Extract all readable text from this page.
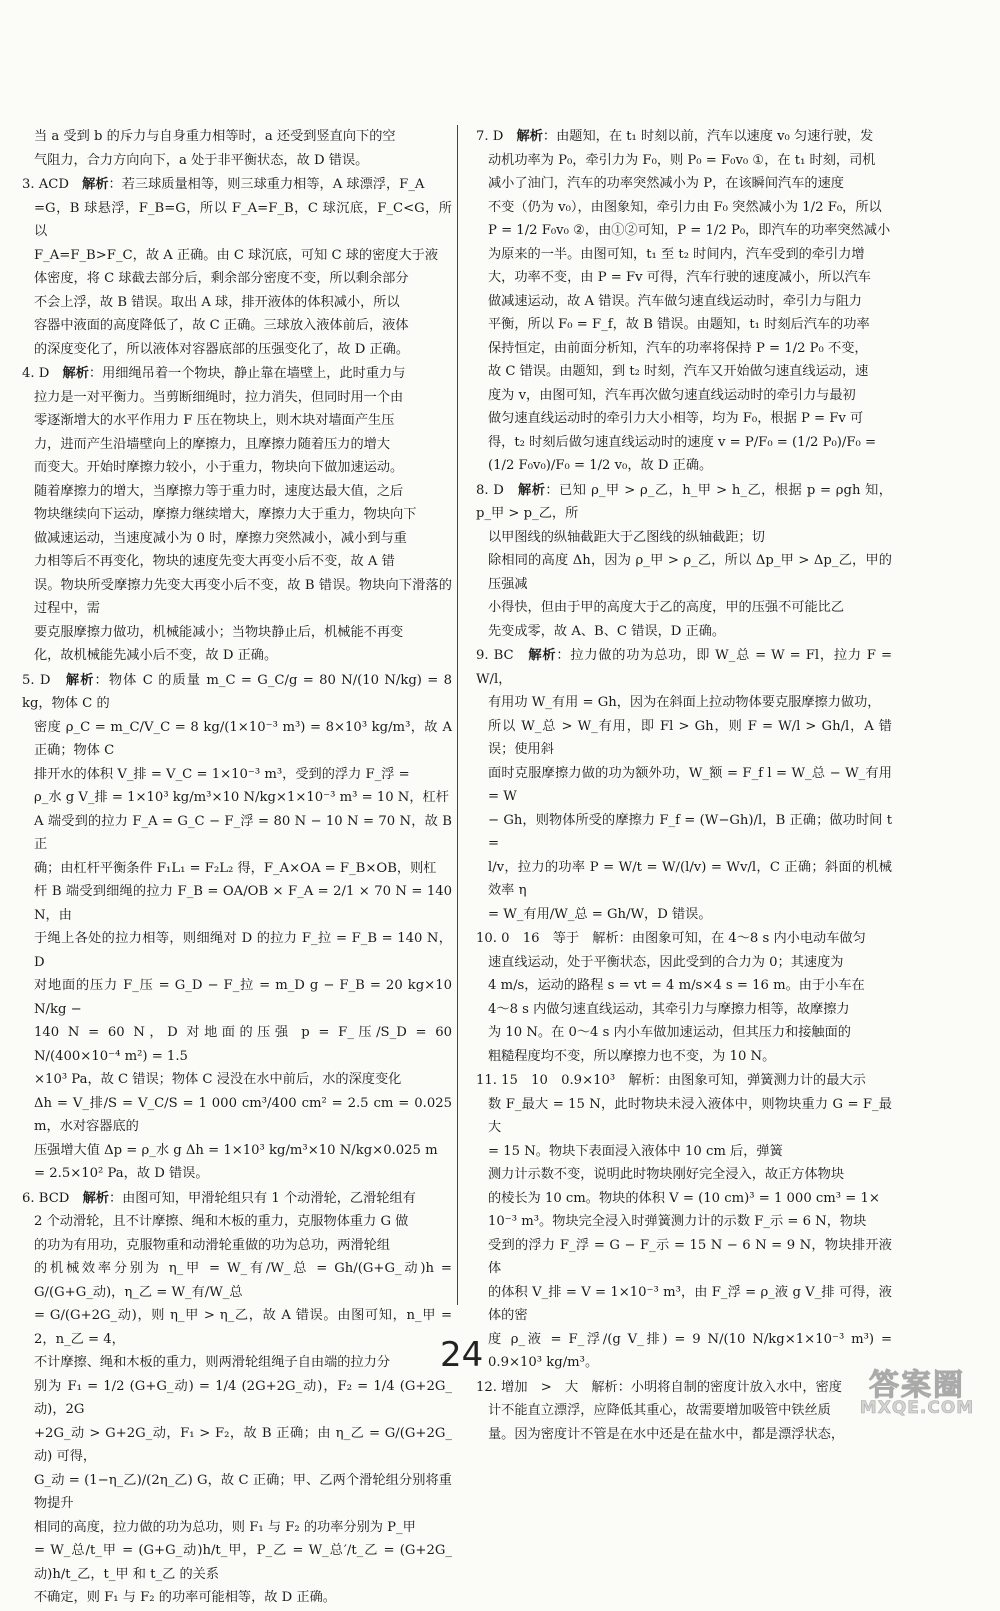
当 a 受到 b 的斥力与自身重力相等时，a 还受到竖直向下的空

气阻力，合力方向向下，a 处于非平衡状态，故 D 错误。

3. ACD　 解析：若三球质量相等，则三球重力相等，A 球漂浮，F_A

=G，B 球悬浮，F_B=G，所以 F_A=F_B，C 球沉底，F_C<G，所以

F_A=F_B>F_C，故 A 正确。由 C 球沉底，可知 C 球的密度大于液

体密度，将 C 球截去部分后，剩余部分密度不变，所以剩余部分

不会上浮，故 B 错误。取出 A 球，排开液体的体积减小，所以

容器中液面的高度降低了，故 C 正确。三球放入液体前后，液体

的深度变化了，所以液体对容器底部的压强变化了，故 D 正确。

4. D　 解析：用细绳吊着一个物块，静止靠在墙壁上，此时重力与

拉力是一对平衡力。当剪断细绳时，拉力消失，但同时用一个由

零逐渐增大的水平作用力 F 压在物块上，则木块对墙面产生压

力，进而产生沿墙壁向上的摩擦力，且摩擦力随着压力的增大

而变大。开始时摩擦力较小，小于重力，物块向下做加速运动。

随着摩擦力的增大，当摩擦力等于重力时，速度达最大值，之后

物块继续向下运动，摩擦力继续增大，摩擦力大于重力，物块向下

做减速运动，当速度减小为 0 时，摩擦力突然减小，减小到与重

力相等后不再变化，物块的速度先变大再变小后不变，故 A 错

误。物块所受摩擦力先变大再变小后不变，故 B 错误。物块向下滑落的过程中，需

要克服摩擦力做功，机械能减小；当物块静止后，机械能不再变

化，故机械能先减小后不变，故 D 正确。

5. D　 解析：物体 C 的质量 m_C = G_C/g = 80 N/(10 N/kg) = 8 kg，物体 C 的

密度 ρ_C = m_C/V_C = 8 kg/(1×10⁻³ m³) = 8×10³ kg/m³，故 A 正确；物体 C

排开水的体积 V_排 = V_C = 1×10⁻³ m³，受到的浮力 F_浮 =

ρ_水 g V_排 = 1×10³ kg/m³×10 N/kg×1×10⁻³ m³ = 10 N，杠杆

A 端受到的拉力 F_A = G_C − F_浮 = 80 N − 10 N = 70 N，故 B 正

确；由杠杆平衡条件 F₁L₁ = F₂L₂ 得，F_A×OA = F_B×OB，则杠

杆 B 端受到细绳的拉力 F_B = OA/OB × F_A = 2/1 × 70 N = 140 N，由

于绳上各处的拉力相等，则细绳对 D 的拉力 F_拉 = F_B = 140 N，D

对地面的压力 F_压 = G_D − F_拉 = m_D g − F_B = 20 kg×10 N/kg −

140 N = 60 N，D 对地面的压强 p = F_压/S_D = 60 N/(400×10⁻⁴ m²) = 1.5

×10³ Pa，故 C 错误；物体 C 浸没在水中前后，水的深度变化

Δh = V_排/S = V_C/S = 1 000 cm³/400 cm² = 2.5 cm = 0.025 m，水对容器底的

压强增大值 Δp = ρ_水 g Δh = 1×10³ kg/m³×10 N/kg×0.025 m

= 2.5×10² Pa，故 D 错误。

6. BCD　 解析：由图可知，甲滑轮组只有 1 个动滑轮，乙滑轮组有

2 个动滑轮，且不计摩擦、绳和木板的重力，克服物体重力 G 做

的功为有用功，克服物重和动滑轮重做的功为总功，两滑轮组

的机械效率分别为 η_甲 = W_有/W_总 = Gh/(G+G_动)h = G/(G+G_动)，η_乙 = W_有/W_总

= G/(G+2G_动)，则 η_甲 > η_乙，故 A 错误。由图可知，n_甲 = 2，n_乙 = 4，

不计摩擦、绳和木板的重力，则两滑轮组绳子自由端的拉力分

别为 F₁ = 1/2 (G+G_动) = 1/4 (2G+2G_动)，F₂ = 1/4 (G+2G_动)，2G

+2G_动 > G+2G_动，F₁ > F₂，故 B 正确；由 η_乙 = G/(G+2G_动) 可得，

G_动 = (1−η_乙)/(2η_乙) G，故 C 正确；甲、乙两个滑轮组分别将重物提升

相同的高度，拉力做的功为总功，则 F₁ 与 F₂ 的功率分别为 P_甲

= W_总/t_甲 = (G+G_动)h/t_甲，P_乙 = W_总′/t_乙 = (G+2G_动)h/t_乙，t_甲 和 t_乙 的关系

不确定，则 F₁ 与 F₂ 的功率可能相等，故 D 正确。

7. D　 解析：由题知，在 t₁ 时刻以前，汽车以速度 v₀ 匀速行驶，发

动机功率为 P₀，牵引力为 F₀，则 P₀ = F₀v₀ ①，在 t₁ 时刻，司机

减小了油门，汽车的功率突然减小为 P，在该瞬间汽车的速度

不变（仍为 v₀），由图象知，牵引力由 F₀ 突然减小为 1/2 F₀，所以

P = 1/2 F₀v₀ ②，由①②可知，P = 1/2 P₀，即汽车的功率突然减小

为原来的一半。由图可知，t₁ 至 t₂ 时间内，汽车受到的牵引力增

大，功率不变，由 P = Fv 可得，汽车行驶的速度减小，所以汽车

做减速运动，故 A 错误。汽车做匀速直线运动时，牵引力与阻力

平衡，所以 F₀ = F_f，故 B 错误。由题知，t₁ 时刻后汽车的功率

保持恒定，由前面分析知，汽车的功率将保持 P = 1/2 P₀ 不变，

故 C 错误。由题知，到 t₂ 时刻，汽车又开始做匀速直线运动，速

度为 v，由图可知，汽车再次做匀速直线运动时的牵引力与最初

做匀速直线运动时的牵引力大小相等，均为 F₀，根据 P = Fv 可

得，t₂ 时刻后做匀速直线运动时的速度 v = P/F₀ = (1/2 P₀)/F₀ =

(1/2 F₀v₀)/F₀ = 1/2 v₀，故 D 正确。

8. D　 解析：已知 ρ_甲 > ρ_乙，h_甲 > h_乙，根据 p = ρgh 知，p_甲 > p_乙，所

以甲图线的纵轴截距大于乙图线的纵轴截距；切

除相同的高度 Δh，因为 ρ_甲 > ρ_乙，所以 Δp_甲 > Δp_乙，甲的压强减

小得快，但由于甲的高度大于乙的高度，甲的压强不可能比乙

先变成零，故 A、B、C 错误，D 正确。

9. BC　 解析：拉力做的功为总功，即 W_总 = W = Fl，拉力 F = W/l，

有用功 W_有用 = Gh，因为在斜面上拉动物体要克服摩擦力做功，

所以 W_总 > W_有用，即 Fl > Gh，则 F = W/l > Gh/l，A 错误；使用斜

面时克服摩擦力做的功为额外功，W_额 = F_f l = W_总 − W_有用 = W

− Gh，则物体所受的摩擦力 F_f = (W−Gh)/l，B 正确；做功时间 t =

l/v，拉力的功率 P = W/t = W/(l/v) = Wv/l，C 正确；斜面的机械效率 η

= W_有用/W_总 = Gh/W，D 错误。

10. 0　16　等于　解析：由图象可知，在 4～8 s 内小电动车做匀

速直线运动，处于平衡状态，因此受到的合力为 0；其速度为

4 m/s，运动的路程 s = vt = 4 m/s×4 s = 16 m。由于小车在

4～8 s 内做匀速直线运动，其牵引力与摩擦力相等，故摩擦力

为 10 N。在 0～4 s 内小车做加速运动，但其压力和接触面的

粗糙程度均不变，所以摩擦力也不变，为 10 N。

11. 15　10　0.9×10³　解析：由图象可知，弹簧测力计的最大示

数 F_最大 = 15 N，此时物块未浸入液体中，则物块重力 G = F_最大

= 15 N。物块下表面浸入液体中 10 cm 后，弹簧

测力计示数不变，说明此时物块刚好完全浸入，故正方体物块

的棱长为 10 cm。物块的体积 V = (10 cm)³ = 1 000 cm³ = 1×

10⁻³ m³。物块完全浸入时弹簧测力计的示数 F_示 = 6 N，物块

受到的浮力 F_浮 = G − F_示 = 15 N − 6 N = 9 N，物块排开液体

的体积 V_排 = V = 1×10⁻³ m³，由 F_浮 = ρ_液 g V_排 可得，液体的密

度 ρ_液 = F_浮/(g V_排) = 9 N/(10 N/kg×1×10⁻³ m³) = 0.9×10³ kg/m³。

12. 增加　>　大　解析：小明将自制的密度计放入水中，密度

计不能直立漂浮，应降低其重心，故需要增加吸管中铁丝质

量。因为密度计不管是在水中还是在盐水中，都是漂浮状态，

24
答案圈
MXQE.COM
